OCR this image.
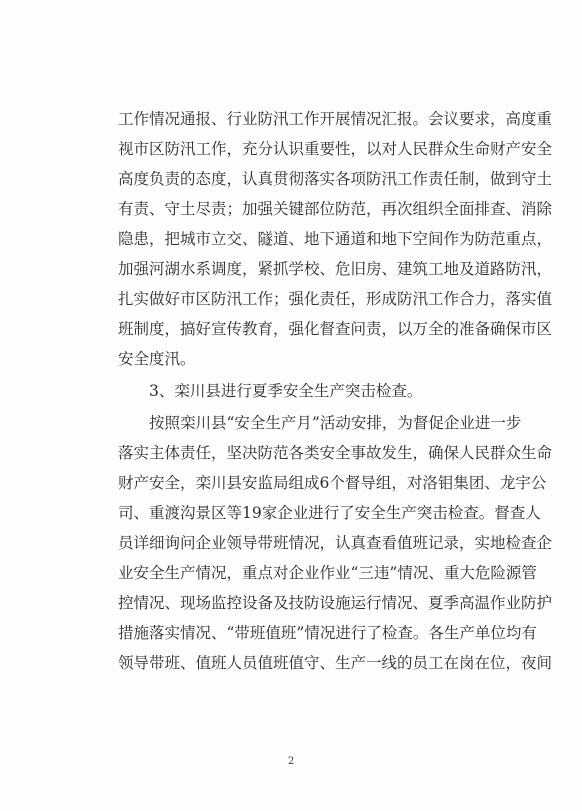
工作情况通报、行业防汛工作开展情况汇报。会议要求，高度重
视市区防汛工作，充分认识重要性，以对人民群众生命财产安全
高度负责的态度，认真贯彻落实各项防汛工作责任制，做到守土
有责、守土尽责；加强关键部位防范，再次组织全面排查、消除
隐患，把城市立交、隧道、地下通道和地下空间作为防范重点，
加强河湖水系调度，紧抓学校、危旧房、建筑工地及道路防汛，
扎实做好市区防汛工作；强化责任，形成防汛工作合力，落实值
班制度，搞好宣传教育，强化督查问责，以万全的准备确保市区
安全度汛。
3、栾川县进行夏季安全生产突击检查。
按照栾川县“安全生产月”活动安排，为督促企业进一步
落实主体责任，坚决防范各类安全事故发生，确保人民群众生命
财产安全，栾川县安监局组成6个督导组，对洛钼集团、龙宇公
司、重渡沟景区等19家企业进行了安全生产突击检查。督查人
员详细询问企业领导带班情况，认真查看值班记录，实地检查企
业安全生产情况，重点对企业作业“三违”情况、重大危险源管
控情况、现场监控设备及技防设施运行情况、夏季高温作业防护
措施落实情况、“带班值班”情况进行了检查。各生产单位均有
领导带班、值班人员值班值守、生产一线的员工在岗在位，夜间
2
